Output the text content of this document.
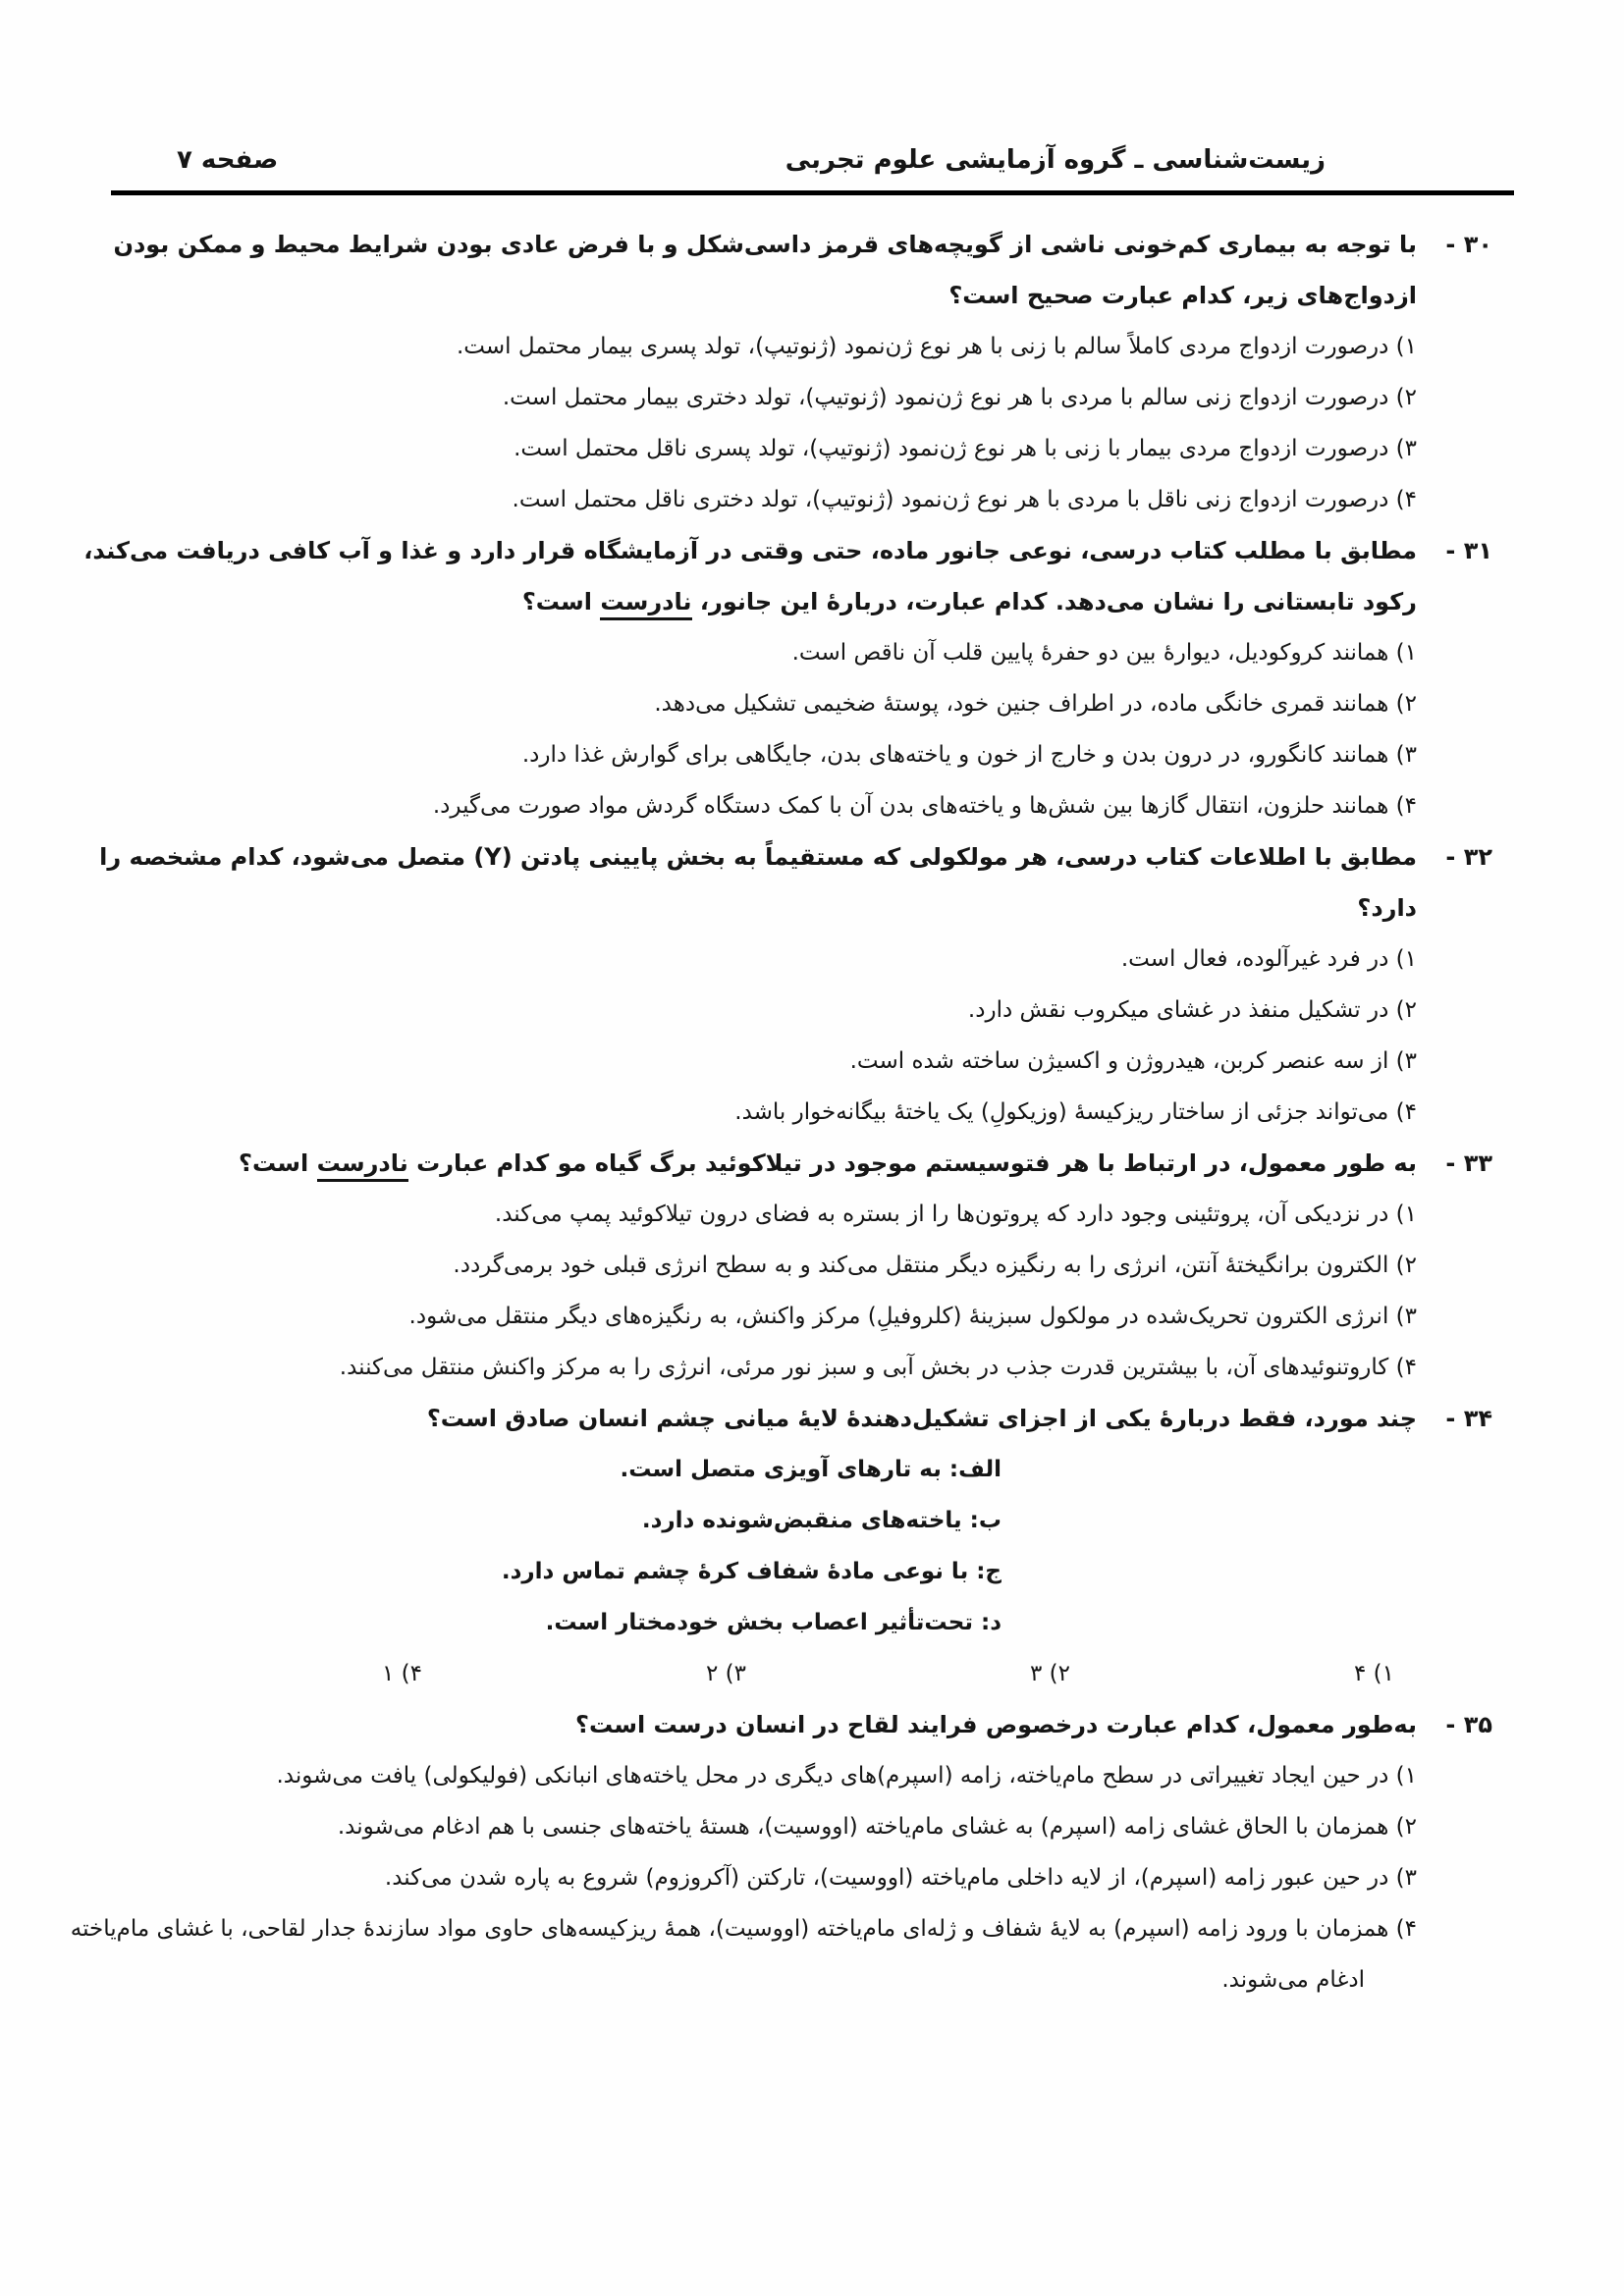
زیست‌شناسی ـ گروه آزمایشی علوم تجربی
صفحه ۷
۳۰ -با توجه به بیماری کم‌خونی ناشی از گویچه‌های قرمز داسی‌شکل و با فرض عادی بودن شرایط محیط و ممکن بودن ازدواج‌های زیر، کدام عبارت صحیح است؟
۱) درصورت ازدواج مردی کاملاً سالم با زنی با هر نوع ژن‌نمود (ژنوتیپ)، تولد پسری بیمار محتمل است.
۲) درصورت ازدواج زنی سالم با مردی با هر نوع ژن‌نمود (ژنوتیپ)، تولد دختری بیمار محتمل است.
۳) درصورت ازدواج مردی بیمار با زنی با هر نوع ژن‌نمود (ژنوتیپ)، تولد پسری ناقل محتمل است.
۴) درصورت ازدواج زنی ناقل با مردی با هر نوع ژن‌نمود (ژنوتیپ)، تولد دختری ناقل محتمل است.
۳۱ -مطابق با مطلب کتاب درسی، نوعی جانور ماده، حتی وقتی در آزمایشگاه قرار دارد و غذا و آب کافی دریافت می‌کند، رکود تابستانی را نشان می‌دهد. کدام عبارت، دربارهٔ این جانور، نادرست است؟
۱) همانند کروکودیل، دیوارهٔ بین دو حفرهٔ پایین قلب آن ناقص است.
۲) همانند قمری خانگی ماده، در اطراف جنین خود، پوستهٔ ضخیمی تشکیل می‌دهد.
۳) همانند کانگورو، در درون بدن و خارج از خون و یاخته‌های بدن، جایگاهی برای گوارش غذا دارد.
۴) همانند حلزون، انتقال گازها بین شش‌ها و یاخته‌های بدن آن با کمک دستگاه گردش مواد صورت می‌گیرد.
۳۲ -مطابق با اطلاعات کتاب درسی، هر مولکولی که مستقیماً به بخش پایینی پادتن (Y) متصل می‌شود، کدام مشخصه را دارد؟
۱) در فرد غیرآلوده، فعال است.
۲) در تشکیل منفذ در غشای میکروب نقش دارد.
۳) از سه عنصر کربن، هیدروژن و اکسیژن ساخته شده است.
۴) می‌تواند جزئی از ساختار ریزکیسهٔ (وزیکولِ) یک یاختهٔ بیگانه‌خوار باشد.
۳۳ -به طور معمول، در ارتباط با هر فتوسیستم موجود در تیلاکوئید برگ گیاه مو کدام عبارت نادرست است؟
۱) در نزدیکی آن، پروتئینی وجود دارد که پروتون‌ها را از بستره به فضای درون تیلاکوئید پمپ می‌کند.
۲) الکترون برانگیختهٔ آنتن، انرژی را به رنگیزه دیگر منتقل می‌کند و به سطح انرژی قبلی خود برمی‌گردد.
۳) انرژی الکترون تحریک‌شده در مولکول سبزینهٔ (کلروفیلِ) مرکز واکنش، به رنگیزه‌های دیگر منتقل می‌شود.
۴) کاروتنوئیدهای آن، با بیشترین قدرت جذب در بخش آبی و سبز نور مرئی، انرژی را به مرکز واکنش منتقل می‌کنند.
۳۴ -چند مورد، فقط دربارهٔ یکی از اجزای تشکیل‌دهندهٔ لایهٔ میانی چشم انسان صادق است؟
الف: به تارهای آویزی متصل است.
ب: یاخته‌های منقبض‌شونده دارد.
ج: با نوعی مادهٔ شفاف کرهٔ چشم تماس دارد.
د: تحت‌تأثیر اعصاب بخش خودمختار است.
۱) ۴
۲) ۳
۳) ۲
۴) ۱
۳۵ -به‌طور معمول، کدام عبارت درخصوص فرایند لقاح در انسان درست است؟
۱) در حین ایجاد تغییراتی در سطح مام‌یاخته، زامه (اسپرم)های دیگری در محل یاخته‌های انبانکی (فولیکولی) یافت می‌شوند.
۲) همزمان با الحاق غشای زامه (اسپرم) به غشای مام‌یاخته (اووسیت)، هستهٔ یاخته‌های جنسی با هم ادغام می‌شوند.
۳) در حین عبور زامه (اسپرم)، از لایه داخلی مام‌یاخته (اووسیت)، تارکتن (آکروزوم) شروع به پاره شدن می‌کند.
۴) همزمان با ورود زامه (اسپرم) به لایهٔ شفاف و ژله‌ای مام‌یاخته (اووسیت)، همهٔ ریزکیسه‌های حاوی مواد سازندهٔ جدار لقاحی، با غشای مام‌یاخته ادغام می‌شوند.
